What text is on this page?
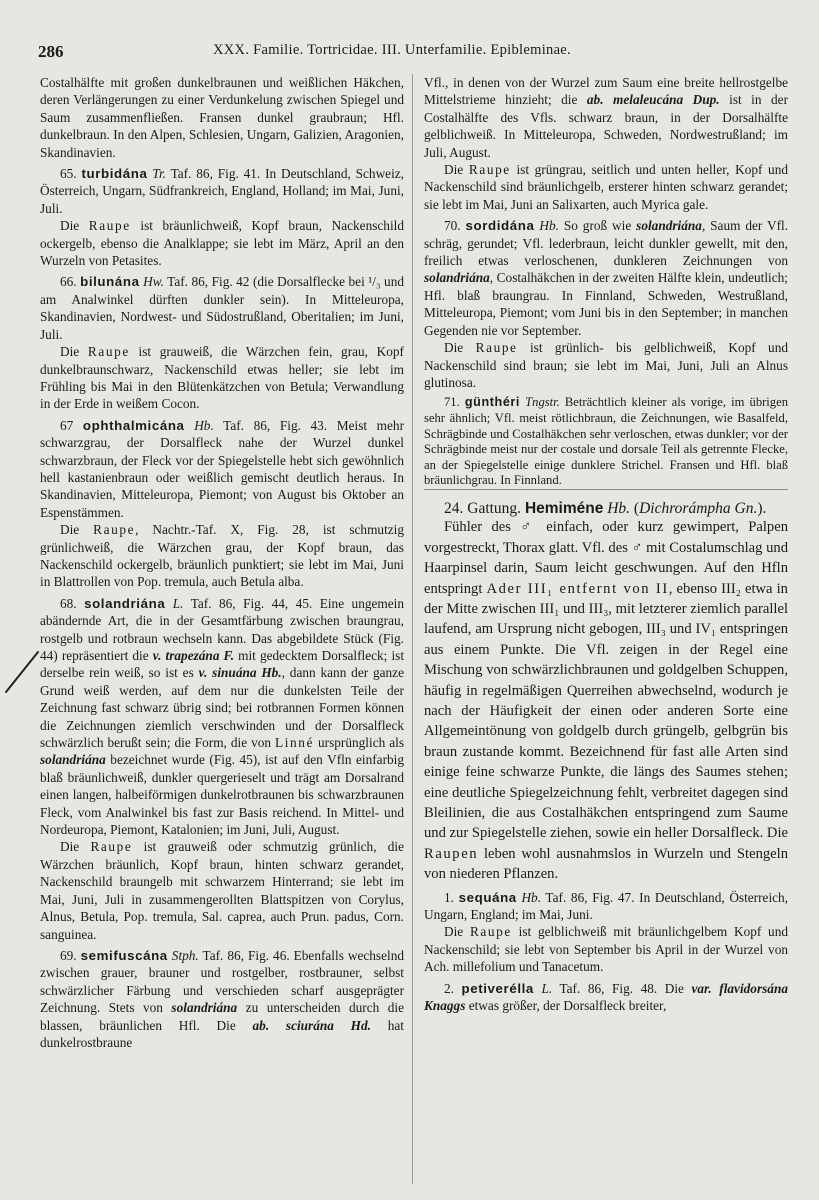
286	XXX. Familie. Tortricidae. III. Unterfamilie. Epibleminae.

Costalhälfte mit großen dunkelbraunen und weißlichen Häkchen, deren Verlängerungen zu einer Verdunkelung zwischen Spiegel und Saum zusammenfließen. Fransen dunkel graubraun; Hfl. dunkelbraun. In den Alpen, Schlesien, Ungarn, Galizien, Aragonien, Skandinavien.

65. turbidána Tr. Taf. 86, Fig. 41. In Deutschland, Schweiz, Österreich, Ungarn, Südfrankreich, England, Holland; im Mai, Juni, Juli.

Die Raupe ist bräunlichweiß, Kopf braun, Nackenschild ockergelb, ebenso die Analklappe; sie lebt im März, April an den Wurzeln von Petasites.

66. bilunána Hw. Taf. 86, Fig. 42 (die Dorsalflecke bei ¹/₃ und am Analwinkel dürften dunkler sein). In Mitteleuropa, Skandinavien, Nordwest- und Südostrußland, Oberitalien; im Juni, Juli.

Die Raupe ist grauweiß, die Wärzchen fein, grau, Kopf dunkelbraunschwarz, Nackenschild etwas heller; sie lebt im Frühling bis Mai in den Blütenkätzchen von Betula; Verwandlung in der Erde in weißem Cocon.

67 ophthalmicána Hb. Taf. 86, Fig. 43. Meist mehr schwarzgrau, der Dorsalfleck nahe der Wurzel dunkel schwarzbraun, der Fleck vor der Spiegelstelle hebt sich gewöhnlich hell kastanienbraun oder weißlich gemischt deutlich heraus. In Skandinavien, Mitteleuropa, Piemont; von August bis Oktober an Espenstämmen.

Die Raupe, Nachtr.-Taf. X, Fig. 28, ist schmutzig grünlichweiß, die Wärzchen grau, der Kopf braun, das Nackenschild ockergelb, bräunlich punktiert; sie lebt im Mai, Juni in Blattrollen von Pop. tremula, auch Betula alba.

68. solandriána L. Taf. 86, Fig. 44, 45. Eine ungemein abändernde Art, die in der Gesamtfärbung zwischen braungrau, rostgelb und rotbraun wechseln kann. Das abgebildete Stück (Fig. 44) repräsentiert die v. trapezána F. mit gedecktem Dorsalfleck; ist derselbe rein weiß, so ist es v. sinuána Hb., dann kann der ganze Grund weiß werden, auf dem nur die dunkelsten Teile der Zeichnung fast schwarz übrig sind; bei rotbrannen Formen können die Zeichnungen ziemlich verschwinden und der Dorsalfleck schwärzlich berußt sein; die Form, die von Linné ursprünglich als solandriána bezeichnet wurde (Fig. 45), ist auf den Vfln einfarbig blaß bräunlichweiß, dunkler quergerieselt und trägt am Dorsalrand einen langen, halbeiförmigen dunkelrotbraunen bis schwarzbraunen Fleck, vom Analwinkel bis fast zur Basis reichend. In Mittel- und Nordeuropa, Piemont, Katalonien; im Juni, Juli, August.

Die Raupe ist grauweiß oder schmutzig grünlich, die Wärzchen bräunlich, Kopf braun, hinten schwarz gerandet, Nackenschild braungelb mit schwarzem Hinterrand; sie lebt im Mai, Juni, Juli in zusammengerollten Blattspitzen von Corylus, Alnus, Betula, Pop. tremula, Sal. caprea, auch Prun. padus, Corn. sanguinea.

69. semifuscána Stph. Taf. 86, Fig. 46. Ebenfalls wechselnd zwischen grauer, brauner und rostgelber, rostbrauner, selbst schwärzlicher Färbung und verschieden scharf ausgeprägter Zeichnung. Stets von solandriána zu unterscheiden durch die blassen, bräunlichen Hfl. Die ab. sciurána Hd. hat dunkelrostbraune

Vfl., in denen von der Wurzel zum Saum eine breite hellrostgelbe Mittelstrieme hinzieht; die ab. melaleucána Dup. ist in der Costalhälfte des Vfls. schwarz braun, in der Dorsalhälfte gelblichweiß. In Mitteleuropa, Schweden, Nordwestrußland; im Juli, August.

Die Raupe ist grüngrau, seitlich und unten heller, Kopf und Nackenschild sind bräunlichgelb, ersterer hinten schwarz gerandet; sie lebt im Mai, Juni an Salixarten, auch Myrica gale.

70. sordidána Hb. So groß wie solandriána, Saum der Vfl. schräg, gerundet; Vfl. lederbraun, leicht dunkler gewellt, mit den, freilich etwas verloschenen, dunkleren Zeichnungen von solandriána, Costalhäkchen in der zweiten Hälfte klein, undeutlich; Hfl. blaß braungrau. In Finnland, Schweden, Westrußland, Mitteleuropa, Piemont; vom Juni bis in den September; in manchen Gegenden nie vor September.

Die Raupe ist grünlich- bis gelblichweiß, Kopf und Nackenschild sind braun; sie lebt im Mai, Juni, Juli an Alnus glutinosa.

71. günthéri Tngstr. Beträchtlich kleiner als vorige, im übrigen sehr ähnlich; Vfl. meist rötlichbraun, die Zeichnungen, wie Basalfeld, Schrägbinde und Costalhäkchen sehr verloschen, etwas dunkler; vor der Schrägbinde meist nur der costale und dorsale Teil als getrennte Flecke, an der Spiegelstelle einige dunklere Strichel. Fransen und Hfl. blaß bräunlichgrau. In Finnland.

24. Gattung. Hemiméne Hb. (Dichrorámpha Gn.).

Fühler des ♂ einfach, oder kurz gewimpert, Palpen vorgestreckt, Thorax glatt. Vfl. des ♂ mit Costalumschlag und Haarpinsel darin, Saum leicht geschwungen. Auf den Hfln entspringt Ader III₁ entfernt von II, ebenso III₂ etwa in der Mitte zwischen III₁ und III₃, mit letzterer ziemlich parallel laufend, am Ursprung nicht gebogen, III₃ und IV₁ entspringen aus einem Punkte. Die Vfl. zeigen in der Regel eine Mischung von schwärzlichbraunen und goldgelben Schuppen, häufig in regelmäßigen Querreihen abwechselnd, wodurch je nach der Häufigkeit der einen oder anderen Sorte eine Allgemeintönung von goldgelb durch grüngelb, gelbgrün bis braun zustande kommt. Bezeichnend für fast alle Arten sind einige feine schwarze Punkte, die längs des Saumes stehen; eine deutliche Spiegelzeichnung fehlt, verbreitet dagegen sind Bleilinien, die aus Costalhäkchen entspringend zum Saume und zur Spiegelstelle ziehen, sowie ein heller Dorsalfleck. Die Raupen leben wohl ausnahmslos in Wurzeln und Stengeln von niederen Pflanzen.

1. sequána Hb. Taf. 86, Fig. 47. In Deutschland, Österreich, Ungarn, England; im Mai, Juni.

Die Raupe ist gelblichweiß mit bräunlichgelbem Kopf und Nackenschild; sie lebt von September bis April in der Wurzel von Ach. millefolium und Tanacetum.

2. petiverélla L. Taf. 86, Fig. 48. Die var. flavidorsána Knaggs etwas größer, der Dorsalfleck breiter,
